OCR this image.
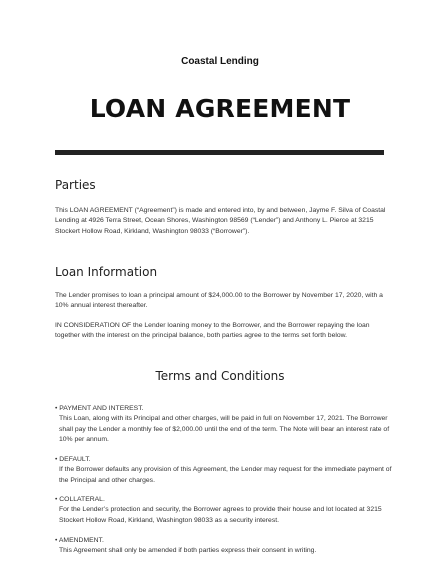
Coastal Lending
LOAN AGREEMENT
Parties
This LOAN AGREEMENT (“Agreement”) is made and entered into, by and between, Jayme F. Silva of Coastal Lending at 4926 Terra Street, Ocean Shores, Washington 98569 (“Lender”) and Anthony L. Pierce at 3215 Stockert Hollow Road, Kirkland, Washington 98033 (“Borrower”).
Loan Information
The Lender promises to loan a principal amount of $24,000.00 to the Borrower by November 17, 2020, with a 10% annual interest thereafter.
IN CONSIDERATION OF the Lender loaning money to the Borrower, and the Borrower repaying the loan together with the interest on the principal balance, both parties agree to the terms set forth below.
Terms and Conditions
• PAYMENT AND INTEREST.
This Loan, along with its Principal and other charges, will be paid in full on November 17, 2021. The Borrower shall pay the Lender a monthly fee of $2,000.00 until the end of the term. The Note will bear an interest rate of 10% per annum.
• DEFAULT.
If the Borrower defaults any provision of this Agreement, the Lender may request for the immediate payment of the Principal and other charges.
• COLLATERAL.
For the Lender’s protection and security, the Borrower agrees to provide their house and lot located at 3215 Stockert Hollow Road, Kirkland, Washington 98033 as a security interest.
• AMENDMENT.
This Agreement shall only be amended if both parties express their consent in writing.
